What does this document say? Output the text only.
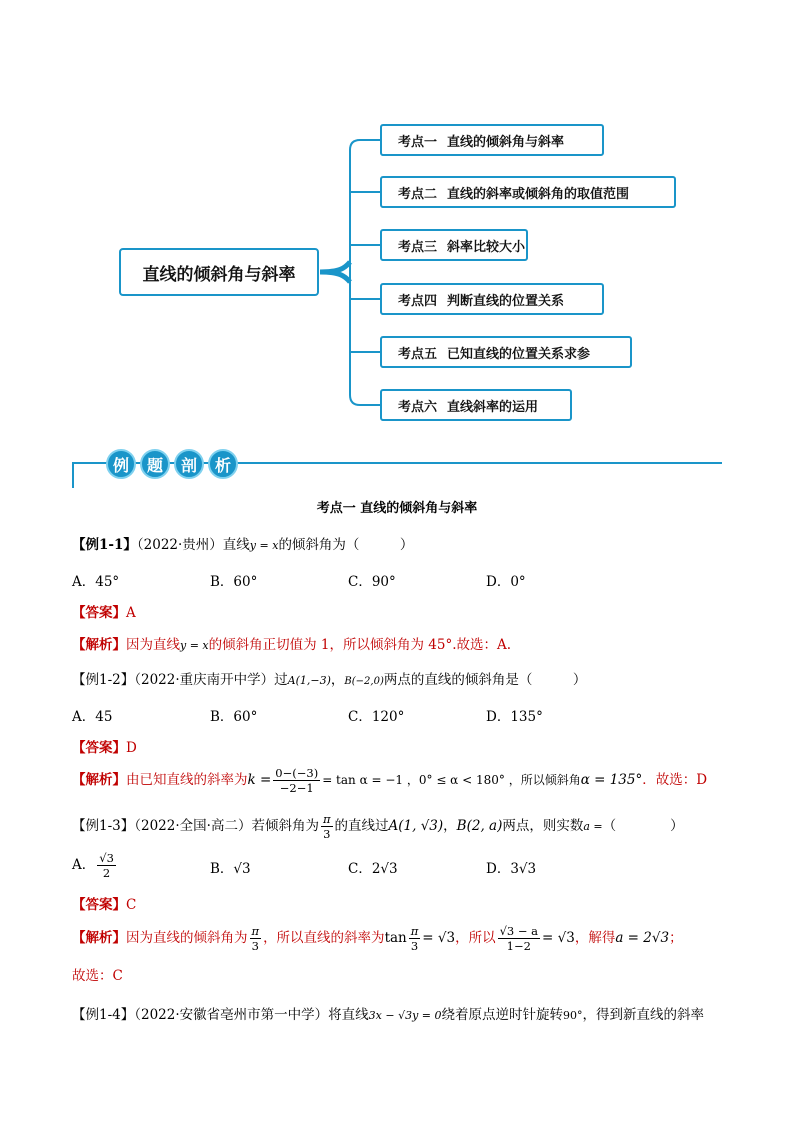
直线的倾斜角与斜率
考点一 直线的倾斜角与斜率
考点二 直线的斜率或倾斜角的取值范围
考点三 斜率比较大小
考点四 判断直线的位置关系
考点五 已知直线的位置关系求参
考点六 直线斜率的运用
例	题	剖	析
考点一 直线的倾斜角与斜率
【例1-1】（2022·贵州）直线y = x的倾斜角为（　　　）
A．45°	B．60°	C．90°	D．0°
【答案】A
【解析】因为直线y = x的倾斜角正切值为 1，所以倾斜角为 45°.故选：A.
【例1-2】（2022·重庆南开中学）过A(1,−3)，B(−2,0)两点的直线的倾斜角是（　　　）
A．45	B．60°	C．120°	D．135°
【答案】D
【解析】由已知直线的斜率为$k = \frac{0-(-3)}{-2-1} = \tan \alpha = -1$ ，0° ≤ α < 180° ，所以倾斜角α = 135°．故选：D
【例1-3】（2022·全国·高二）若倾斜角为 $\frac{\pi}{3}$ 的直线过A(1, √3)，B(2, a)两点，则实数a =（　　　　）
A． $\frac{√3}{2}$	B．√3	C．2√3	D．3√3
【答案】C
【解析】因为直线的倾斜角为 $\frac{\pi}{3}$ ，所以直线的斜率为$\tan \frac{\pi}{3} = √3$，所以 $\frac{√3 - a}{1-2} = √3$，解得a = 2√3；
故选：C
【例1-4】（2022·安徽省亳州市第一中学）将直线3x − √3y = 0绕着原点逆时针旋转90°，得到新直线的斜率
